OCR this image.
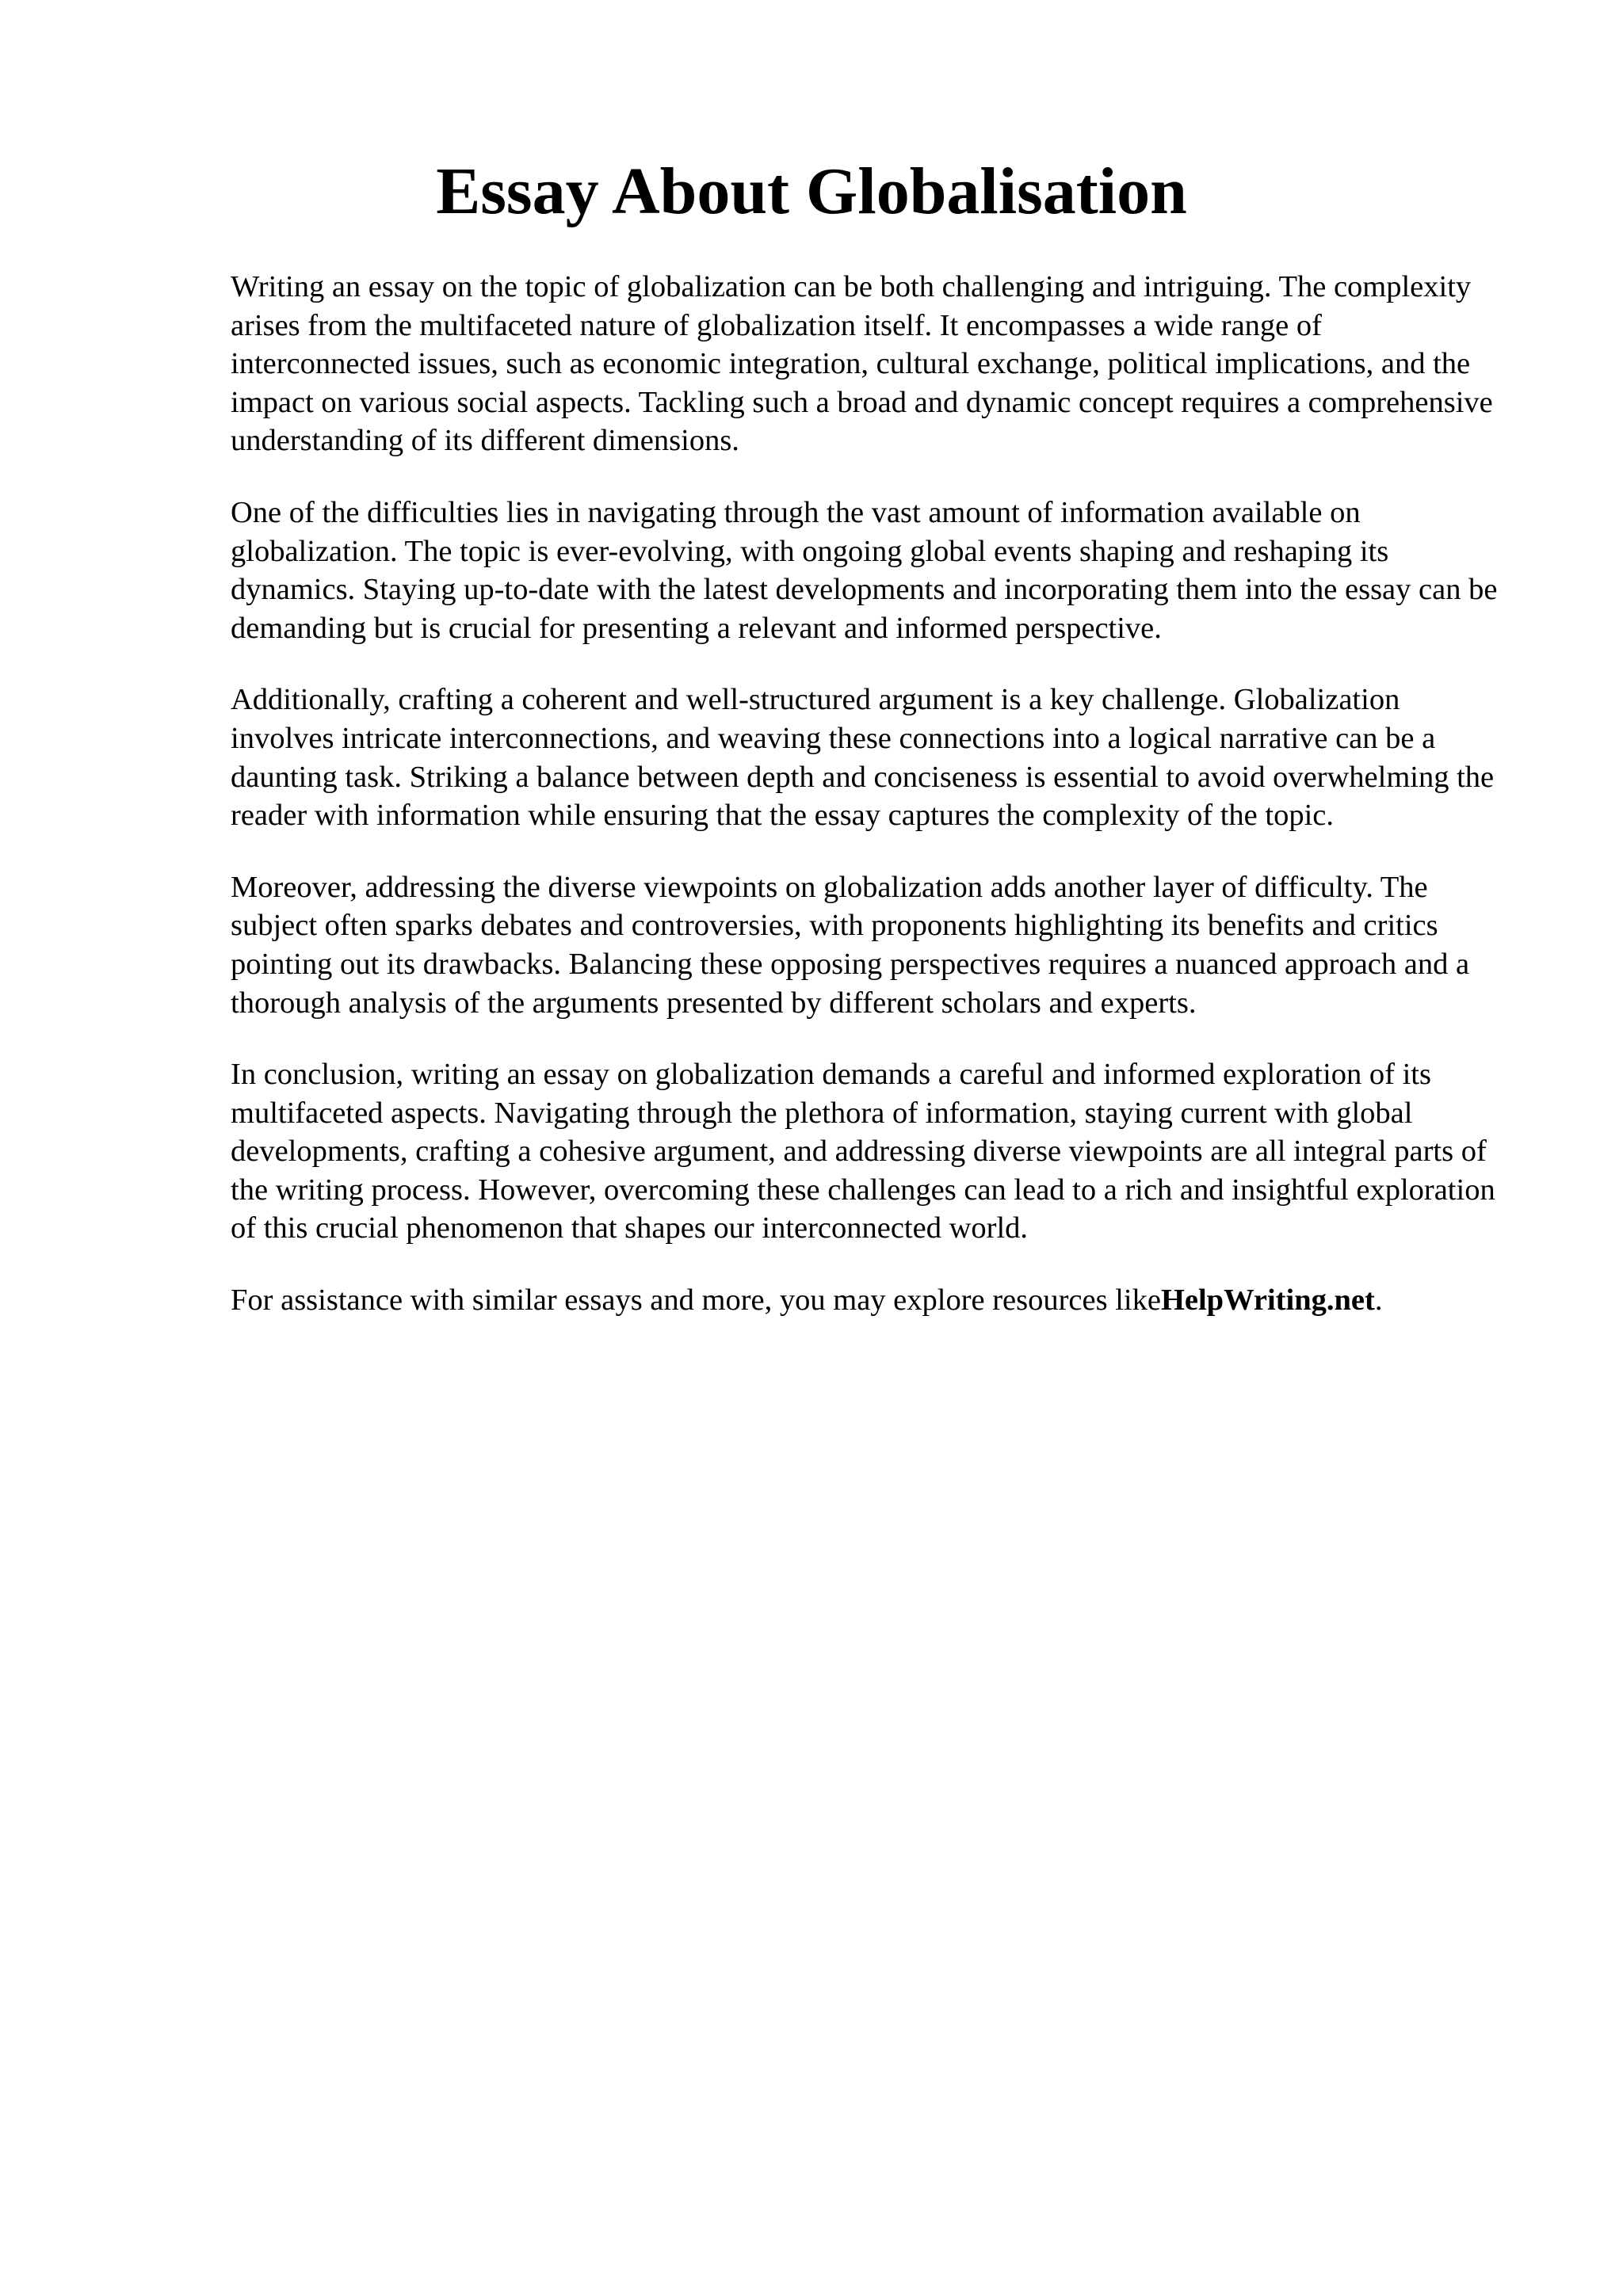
Essay About Globalisation

Writing an essay on the topic of globalization can be both challenging and intriguing. The complexity arises from the multifaceted nature of globalization itself. It encompasses a wide range of interconnected issues, such as economic integration, cultural exchange, political implications, and the impact on various social aspects. Tackling such a broad and dynamic concept requires a comprehensive understanding of its different dimensions.

One of the difficulties lies in navigating through the vast amount of information available on globalization. The topic is ever-evolving, with ongoing global events shaping and reshaping its dynamics. Staying up-to-date with the latest developments and incorporating them into the essay can be demanding but is crucial for presenting a relevant and informed perspective.

Additionally, crafting a coherent and well-structured argument is a key challenge. Globalization involves intricate interconnections, and weaving these connections into a logical narrative can be a daunting task. Striking a balance between depth and conciseness is essential to avoid overwhelming the reader with information while ensuring that the essay captures the complexity of the topic.

Moreover, addressing the diverse viewpoints on globalization adds another layer of difficulty. The subject often sparks debates and controversies, with proponents highlighting its benefits and critics pointing out its drawbacks. Balancing these opposing perspectives requires a nuanced approach and a thorough analysis of the arguments presented by different scholars and experts.

In conclusion, writing an essay on globalization demands a careful and informed exploration of its multifaceted aspects. Navigating through the plethora of information, staying current with global developments, crafting a cohesive argument, and addressing diverse viewpoints are all integral parts of the writing process. However, overcoming these challenges can lead to a rich and insightful exploration of this crucial phenomenon that shapes our interconnected world.

For assistance with similar essays and more, you may explore resources likeHelpWriting.net.
